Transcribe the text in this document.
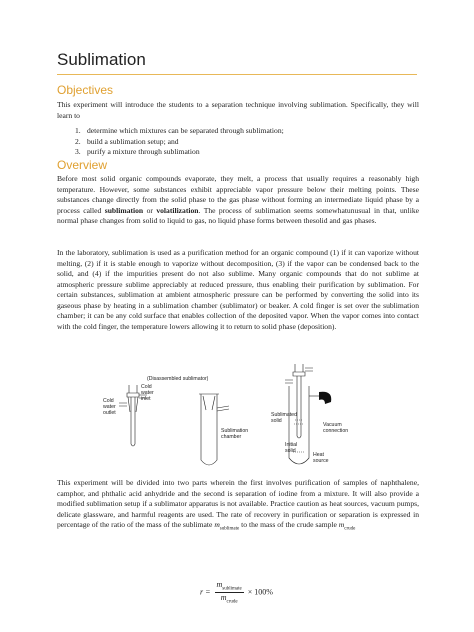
Sublimation
Objectives

This experiment will introduce the students to a separation technique involving sublimation. Specifically, they will learn to

1. determine which mixtures can be separated through sublimation;
2. build a sublimation setup; and
3. purify a mixture through sublimation
Overview

Before most solid organic compounds evaporate, they melt, a process that usually requires a reasonably high temperature. However, some substances exhibit appreciable vapor pressure below their melting points. These substances change directly from the solid phase to the gas phase without forming an intermediate liquid phase by a process called sublimation or volatilization. The process of sublimation seems somewhatunusual in that, unlike normal phase changes from solid to liquid to gas, no liquid phase forms between thesolid and gas phases.

In the laboratory, sublimation is used as a purification method for an organic compound (1) if it can vaporize without melting, (2) if it is stable enough to vaporize without decomposition, (3) if the vapor can be condensed back to the solid, and (4) if the impurities present do not also sublime. Many organic compounds that do not sublime at atmospheric pressure sublime appreciably at reduced pressure, thus enabling their purification by sublimation. For certain substances, sublimation at ambient atmospheric pressure can be performed by converting the solid into its gaseous phase by heating in a sublimation chamber (sublimator) or beaker. A cold finger is set over the sublimation chamber; it can be any cold surface that enables collection of the deposited vapor. When the vapor comes into contact with the cold finger, the temperature lowers allowing it to return to solid phase (deposition).

(Disassembled sublimator)
Cold
water
inlet
Cold
water
outlet
Sublimation
chamber
Sublimated
solid
Vacuum
connection
Initial
solid
Heat
source

This experiment will be divided into two parts wherein the first involves purification of samples of naphthalene, camphor, and phthalic acid anhydride and the second is separation of iodine from a mixture. It will also provide a modified sublimation setup if a sublimator apparatus is not available. Practice caution as heat sources, vacuum pumps, delicate glassware, and harmful reagents are used. The rate of recovery in purification or separation is expressed in percentage of the ratio of the mass of the sublimate $m_{sublimate}$ to the mass of the crude sample $m_{crude}$

r =
$m_{sublimate}$
$m_{crude}$
× 100%
